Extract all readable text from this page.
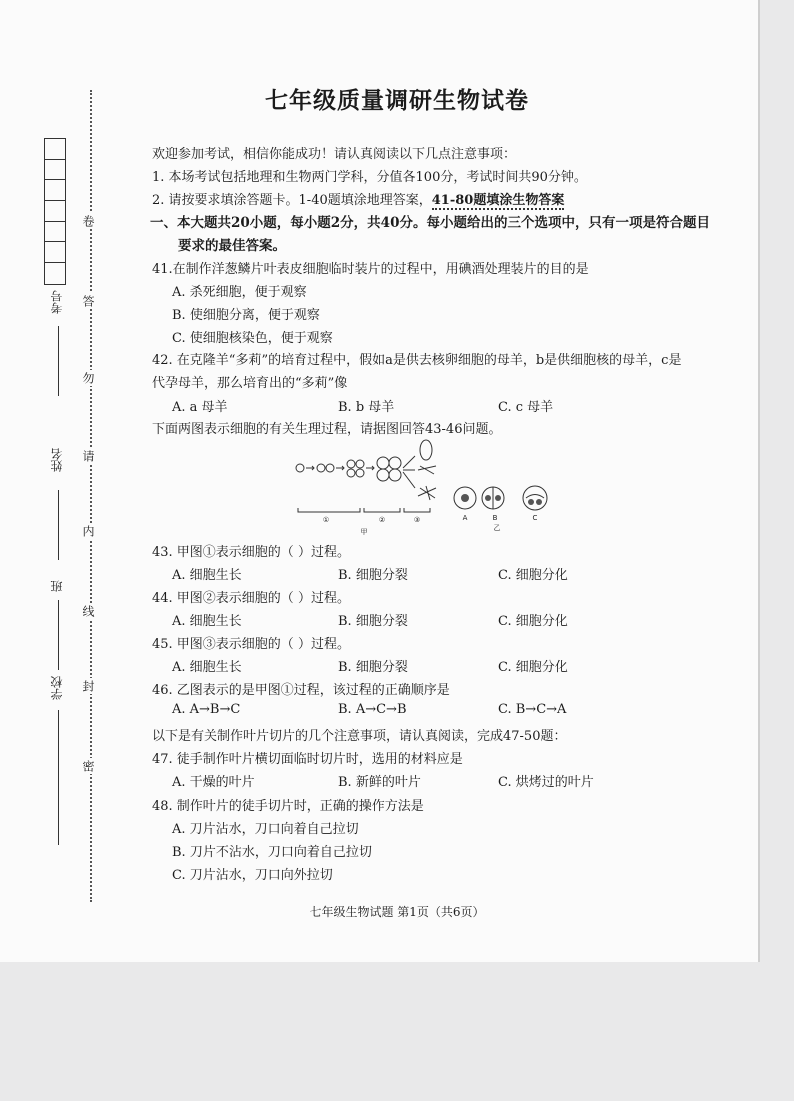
考号
姓名
班
学校
密
封
线
内
请
勿
答
卷
七年级质量调研生物试卷
欢迎参加考试，相信你能成功！请认真阅读以下几点注意事项：
1. 本场考试包括地理和生物两门学科，分值各100分，考试时间共90分钟。
2. 请按要求填涂答题卡。1-40题填涂地理答案，41-80题填涂生物答案
一、本大题共20小题，每小题2分，共40分。每小题给出的三个选项中，只有一项是符合题目
要求的最佳答案。
41.在制作洋葱鳞片叶表皮细胞临时装片的过程中，用碘酒处理装片的目的是
A. 杀死细胞，便于观察
B. 使细胞分离，便于观察
C. 使细胞核染色，便于观察
42. 在克隆羊“多莉”的培育过程中，假如a是供去核卵细胞的母羊，b是供细胞核的母羊，c是
代孕母羊，那么培育出的“多莉”像
A. a 母羊	B. b 母羊	C. c 母羊
下面两图表示细胞的有关生理过程，请据图回答43-46问题。
①	②	③
甲
A	B	C
乙
43. 甲图①表示细胞的（ ）过程。
A. 细胞生长	B. 细胞分裂	C. 细胞分化
44. 甲图②表示细胞的（ ）过程。
A. 细胞生长	B. 细胞分裂	C. 细胞分化
45. 甲图③表示细胞的（ ）过程。
A. 细胞生长	B. 细胞分裂	C. 细胞分化
46. 乙图表示的是甲图①过程，该过程的正确顺序是
A. A→B→C	B. A→C→B	C. B→C→A
以下是有关制作叶片切片的几个注意事项，请认真阅读，完成47-50题：
47. 徒手制作叶片横切面临时切片时，选用的材料应是
A. 干燥的叶片	B. 新鲜的叶片	C. 烘烤过的叶片
48. 制作叶片的徒手切片时，正确的操作方法是
A. 刀片沾水，刀口向着自己拉切
B. 刀片不沾水，刀口向着自己拉切
C. 刀片沾水，刀口向外拉切
七年级生物试题 第1页（共6页）
